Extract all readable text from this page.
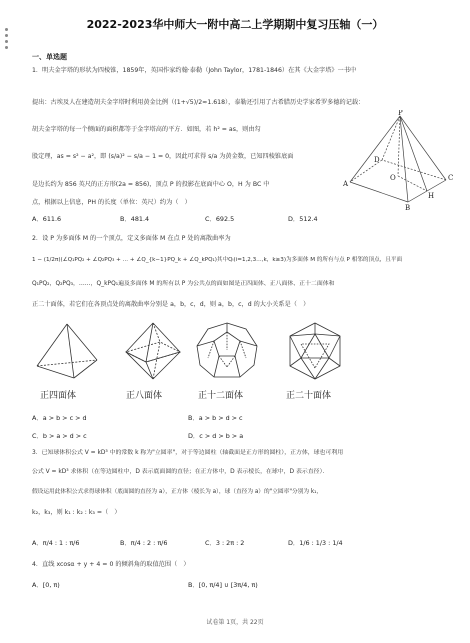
2022-2023华中师大一附中高二上学期期中复习压轴（一）
一、单选题
1．明夫金字塔的形状为四棱锥，1859年，英国作家约翰·泰勒（John Taylor，1781-1846）在其《大金字塔》一书中
提出：古埃及人在建造胡夫金字塔时利用黄金比例（(1+√5)/2≈1.618），泰勒还引用了古希腊历史学家希罗多德的记载：
胡夫金字塔的每一个侧面的面积都等于金字塔高的平方．如图，若 h² = as，则由勾
股定理，as = s² − a²，即 (s/a)² − s/a − 1 = 0，因此可求得 s/a 为黄金数，已知四棱锥底面
是边长约为 856 英尺的正方形(2a = 856)，顶点 P 的投影在底面中心 O，H 为 BC 中
点，根据以上信息，PH 的长度（单位：英尺）约为（　）
P
D
C
O
H
A
B
A．611.6	B．481.4	C．692.5	D．512.4
2．设 P 为多面体 M 的一个顶点，定义多面体 M 在点 P 处的离散曲率为
1 − (1/2π)(∠Q₁PQ₂ + ∠Q₂PQ₃ + … + ∠Q_{k−1}PQ_k + ∠Q_kPQ₁)其中Qᵢ(i=1,2,3…,k，k≥3)为多面体 M 的所有与点 P 相邻的顶点，且平面
Q₁PQ₂，Q₂PQ₃，……，Q_kPQ₁遍及多面体 M 的所有以 P 为公共点的面如图是正四面体、正八面体、正十二面体和
正二十面体，若它们在各顶点处的离散曲率分别是 a，b，c，d，则 a，b，c，d 的大小关系是（　）
正四面体	正八面体	正十二面体	正二十面体
A．a > b > c > d	B．a > b > d > c
C．b > a > d > c	D．c > d > b > a
3．已知球体积公式 V = kD³ 中的常数 k 称为"立圆率"，对于等边圆柱（轴截面是正方形的圆柱），正方体，球也可利用
公式 V = kD³ 求体积（在等边圆柱中，D 表示底面圆的直径；在正方体中，D 表示棱长，在球中，D 表示直径）．
假设运用此体积公式求得球体积（底面圆的直径为 a），正方体（棱长为 a），球（直径为 a）的"立圆率"分别为 k₁，
k₂，k₃，则 k₁ : k₂ : k₃ =（　）
A．π/4 : 1 : π/6	B．π/4 : 2 : π/6	C．3 : 2π : 2	D．1/6 : 1/3 : 1/4
4．直线 xcosα + y + 4 = 0 的倾斜角的取值范围（　）
A．[0, π)	B．[0, π/4] ∪ [3π/4, π)
试卷第 1页，共 22页
